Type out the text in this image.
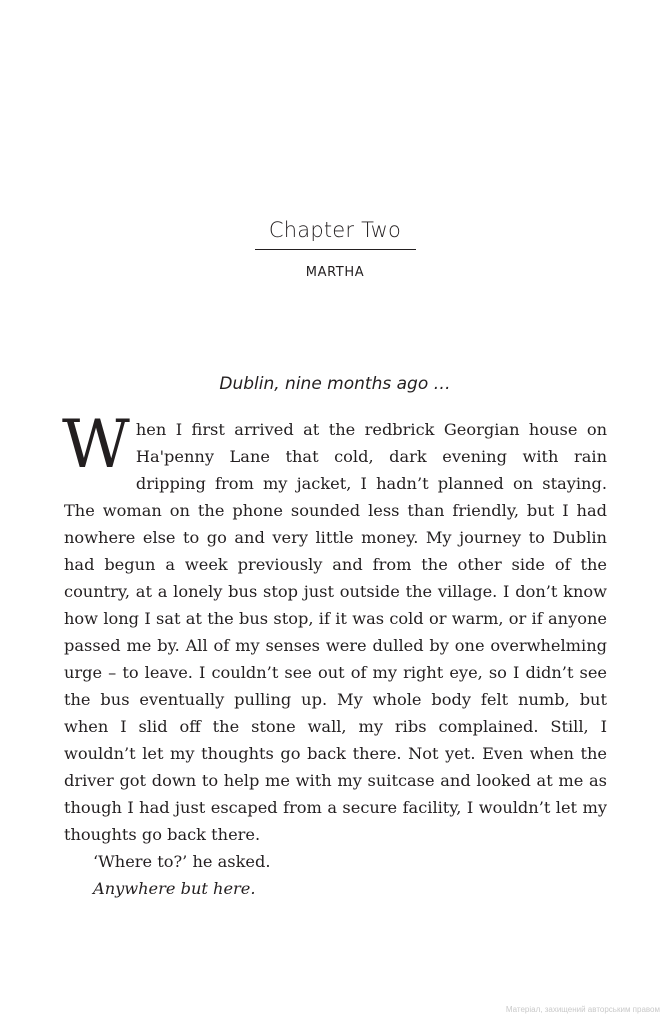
Chapter Two
MARTHA
Dublin, nine months ago …

When I first arrived at the redbrick Georgian house on Ha'penny Lane that cold, dark evening with rain dripping from my jacket, I hadn’t planned on staying. The woman on the phone sounded less than friendly, but I had nowhere else to go and very little money. My journey to Dublin had begun a week previously and from the other side of the country, at a lonely bus stop just outside the village. I don’t know how long I sat at the bus stop, if it was cold or warm, or if anyone passed me by. All of my senses were dulled by one overwhelming urge – to leave. I couldn’t see out of my right eye, so I didn’t see the bus eventually pulling up. My whole body felt numb, but when I slid off the stone wall, my ribs complained. Still, I wouldn’t let my thoughts go back there. Not yet. Even when the driver got down to help me with my suitcase and looked at me as though I had just escaped from a secure facility, I wouldn’t let my thoughts go back there.

‘Where to?’ he asked.

Anywhere but here.

Матеріал, захищений авторським правом
